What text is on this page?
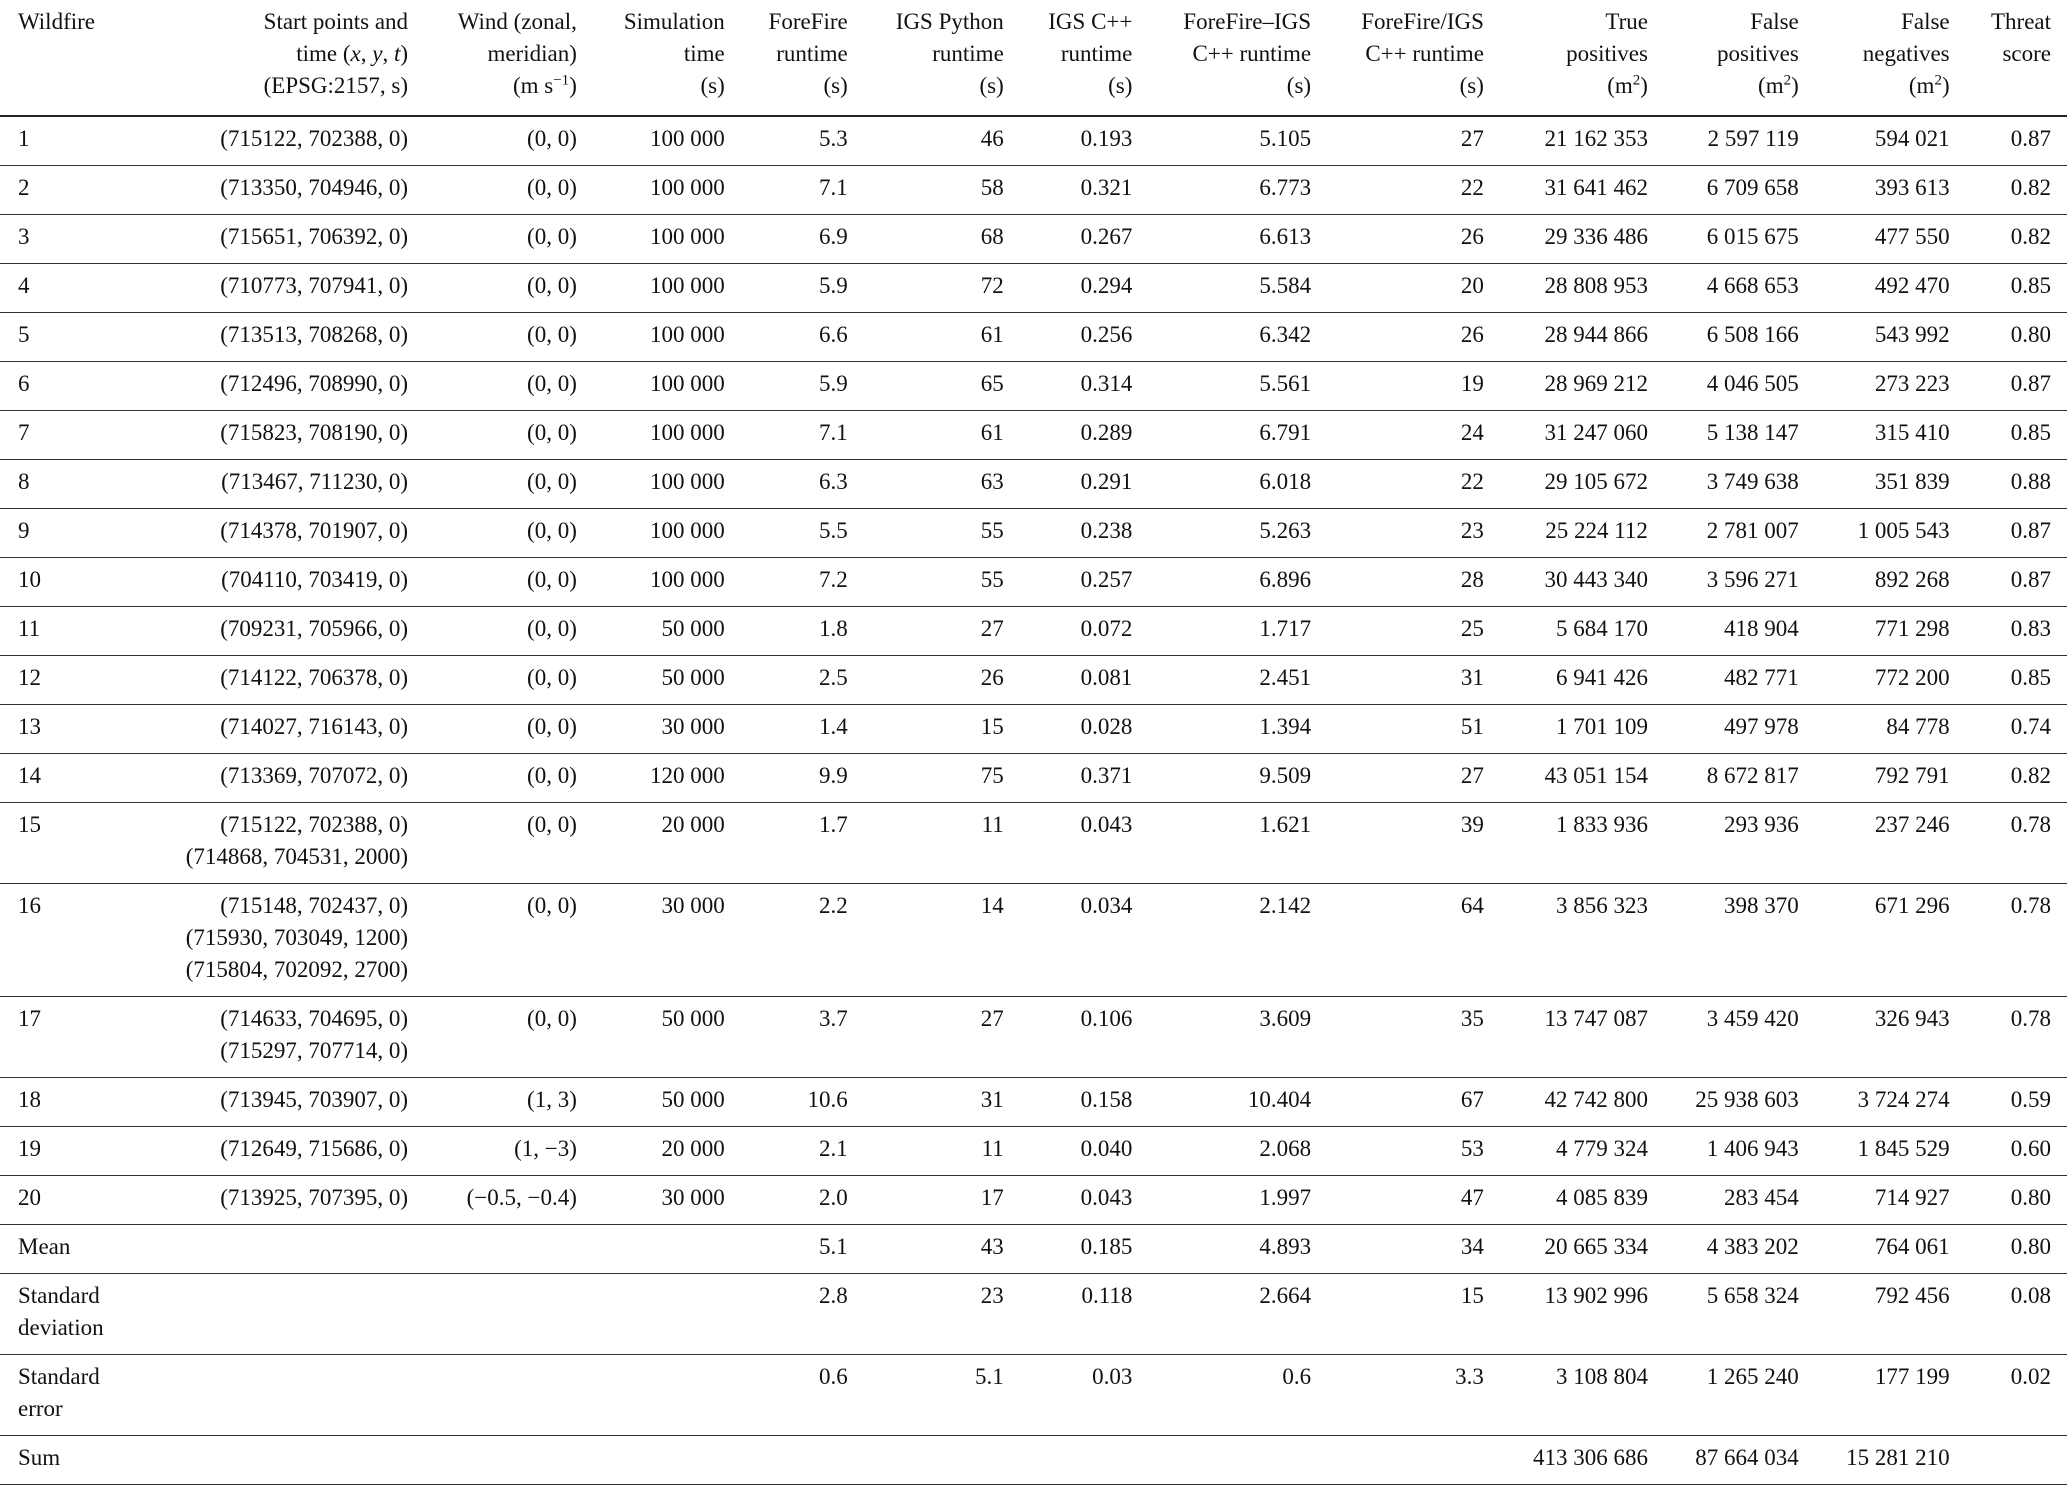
Wildfire	Start points and
time (x, y, t)
(EPSG:2157, s)	Wind (zonal,
meridian)
(m $s^{-1}$)	Simulation
time
(s)	ForeFire
runtime
(s)	IGS Python
runtime
(s)	IGS C++
runtime
(s)	ForeFire–IGS
C++ runtime
(s)	ForeFire/IGS
C++ runtime
(s)	True
positives
$(m^2)$	False
positives
$(m^2)$	False
negatives
$(m^2)$	Threat
score

1	(715122, 702388, 0)	(0, 0)	100 000	5.3	46	0.193	5.105	27	21 162 353	2 597 119	594 021	0.87
2	(713350, 704946, 0)	(0, 0)	100 000	7.1	58	0.321	6.773	22	31 641 462	6 709 658	393 613	0.82
3	(715651, 706392, 0)	(0, 0)	100 000	6.9	68	0.267	6.613	26	29 336 486	6 015 675	477 550	0.82
4	(710773, 707941, 0)	(0, 0)	100 000	5.9	72	0.294	5.584	20	28 808 953	4 668 653	492 470	0.85
5	(713513, 708268, 0)	(0, 0)	100 000	6.6	61	0.256	6.342	26	28 944 866	6 508 166	543 992	0.80
6	(712496, 708990, 0)	(0, 0)	100 000	5.9	65	0.314	5.561	19	28 969 212	4 046 505	273 223	0.87
7	(715823, 708190, 0)	(0, 0)	100 000	7.1	61	0.289	6.791	24	31 247 060	5 138 147	315 410	0.85
8	(713467, 711230, 0)	(0, 0)	100 000	6.3	63	0.291	6.018	22	29 105 672	3 749 638	351 839	0.88
9	(714378, 701907, 0)	(0, 0)	100 000	5.5	55	0.238	5.263	23	25 224 112	2 781 007	1 005 543	0.87
10	(704110, 703419, 0)	(0, 0)	100 000	7.2	55	0.257	6.896	28	30 443 340	3 596 271	892 268	0.87
11	(709231, 705966, 0)	(0, 0)	50 000	1.8	27	0.072	1.717	25	5 684 170	418 904	771 298	0.83
12	(714122, 706378, 0)	(0, 0)	50 000	2.5	26	0.081	2.451	31	6 941 426	482 771	772 200	0.85
13	(714027, 716143, 0)	(0, 0)	30 000	1.4	15	0.028	1.394	51	1 701 109	497 978	84 778	0.74
14	(713369, 707072, 0)	(0, 0)	120 000	9.9	75	0.371	9.509	27	43 051 154	8 672 817	792 791	0.82
15	(715122, 702388, 0)
(714868, 704531, 2000)	(0, 0)	20 000	1.7	11	0.043	1.621	39	1 833 936	293 936	237 246	0.78
16	(715148, 702437, 0)
(715930, 703049, 1200)
(715804, 702092, 2700)	(0, 0)	30 000	2.2	14	0.034	2.142	64	3 856 323	398 370	671 296	0.78
17	(714633, 704695, 0)
(715297, 707714, 0)	(0, 0)	50 000	3.7	27	0.106	3.609	35	13 747 087	3 459 420	326 943	0.78
18	(713945, 703907, 0)	(1, 3)	50 000	10.6	31	0.158	10.404	67	42 742 800	25 938 603	3 724 274	0.59
19	(712649, 715686, 0)	(1, −3)	20 000	2.1	11	0.040	2.068	53	4 779 324	1 406 943	1 845 529	0.60
20	(713925, 707395, 0)	(−0.5, −0.4)	30 000	2.0	17	0.043	1.997	47	4 085 839	283 454	714 927	0.80

Mean				5.1	43	0.185	4.893	34	20 665 334	4 383 202	764 061	0.80

Standard
deviation				2.8	23	0.118	2.664	15	13 902 996	5 658 324	792 456	0.08

Standard
error				0.6	5.1	0.03	0.6	3.3	3 108 804	1 265 240	177 199	0.02

Sum									413 306 686	87 664 034	15 281 210	
